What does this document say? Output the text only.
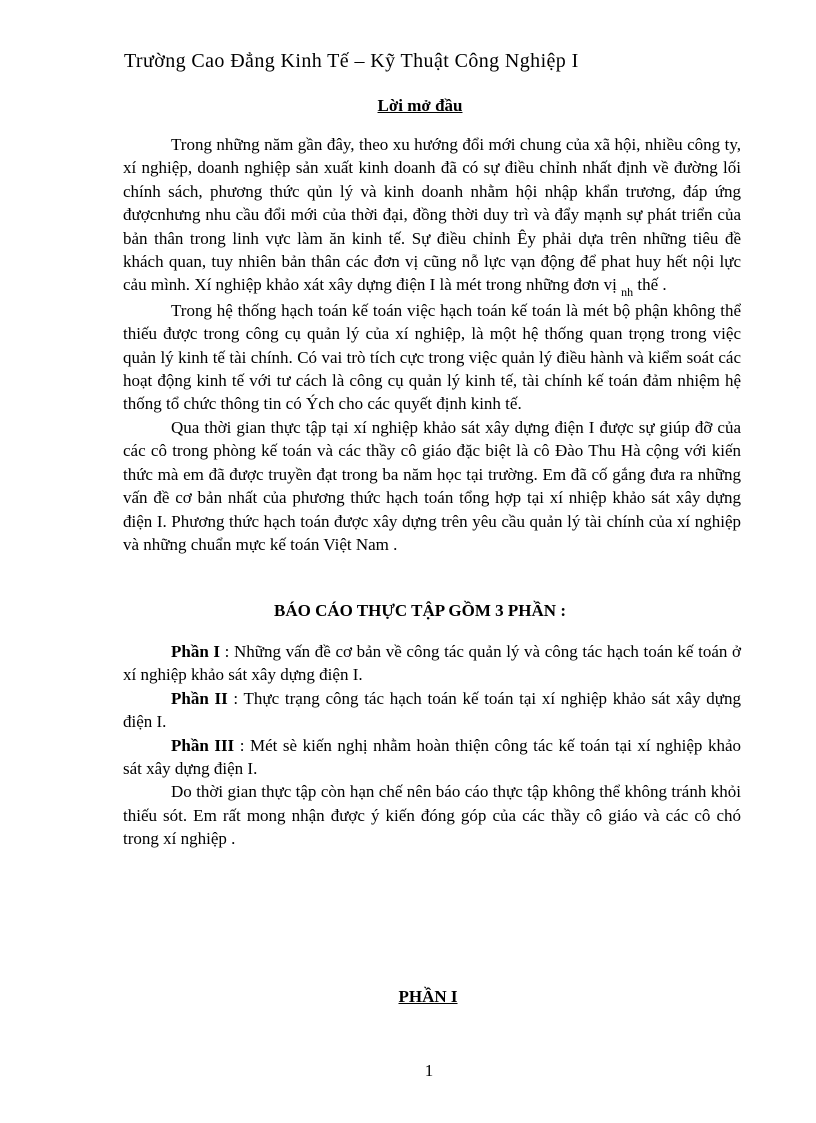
Trường Cao Đẳng Kinh Tế – Kỹ Thuật Công Nghiệp I
Lời mở đầu

Trong những năm gần đây, theo xu hướng đổi mới chung của xã hội, nhiều công ty, xí nghiệp, doanh nghiệp sản xuất kinh doanh đã có sự điều chỉnh nhất định về đường lối chính sách, phương thức qủn lý và kinh doanh nhằm hội nhập khẩn trương, đáp ứng đượcnhưng nhu cầu đổi mới của thời đại, đồng thời duy trì và đẩy mạnh sự phát triển của bản thân trong linh vực làm ăn kinh tế. Sự điều chỉnh Êy phải dựa trên những tiêu đề khách quan, tuy nhiên bản thân các đơn vị cũng nỗ lực vạn động để phat huy hết nội lực cảu mình. Xí nghiệp khảo xát xây dựng điện I là mét trong những đơn vị $_{nh}$ thế .

Trong hệ thống hạch toán kế toán việc hạch toán kế toán là mét bộ phận không thể thiếu được trong công cụ quản lý của xí nghiệp, là một hệ thống quan trọng trong việc quản lý kinh tế tài chính. Có vai trò tích cực trong việc quản lý điều hành và kiểm soát các hoạt động kinh tế với tư cách là công cụ quản lý kinh tế, tài chính kế toán đảm nhiệm hệ thống tổ chức thông tin có Ých cho các quyết định kinh tế.

Qua thời gian thực tập tại xí nghiệp khảo sát xây dựng điện I được sự giúp đỡ của các cô trong phòng kế toán và các thầy cô giáo đặc biệt là cô Đào Thu Hà cộng với kiến thức mà em đã được truyền đạt trong ba năm học tại trường. Em đã cố gắng đưa ra những vấn đề cơ bản nhất của phương thức hạch toán tổng hợp tại xí nhiệp khảo sát xây dựng điện I. Phương thức hạch toán được xây dựng trên yêu cầu quản lý tài chính của xí nghiệp và những chuẩn mực kế toán Việt Nam .

BÁO CÁO THỰC TẬP GỒM 3 PHẦN :

Phần I : Những vấn đề cơ bản về công tác quản lý và công tác hạch toán kế toán ở xí nghiệp khảo sát xây dựng điện I.

Phần II : Thực trạng công tác hạch toán kế toán tại xí nghiệp khảo sát xây dựng điện I.

Phần III : Mét sè kiến nghị nhằm hoàn thiện công tác kế toán tại xí nghiệp khảo sát xây dựng điện I.

Do thời gian thực tập còn hạn chế nên báo cáo thực tập không thể không tránh khỏi thiếu sót. Em rất mong nhận được ý kiến đóng góp của các thầy cô giáo và các cô chó trong xí nghiệp .

PHẦN I
1
